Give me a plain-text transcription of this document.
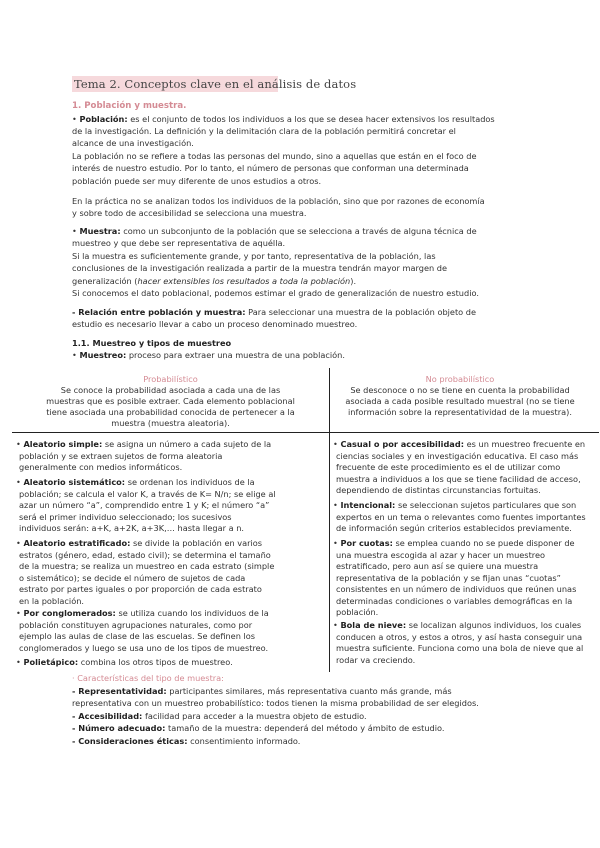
Tema 2. Conceptos clave en el análisis de datos
1. Población y muestra.
• Población: es el conjunto de todos los individuos a los que se desea hacer extensivos los resultados
de la investigación. La definición y la delimitación clara de la población permitirá concretar el
alcance de una investigación.
La población no se refiere a todas las personas del mundo, sino a aquellas que están en el foco de
interés de nuestro estudio. Por lo tanto, el número de personas que conforman una determinada
población puede ser muy diferente de unos estudios a otros.
En la práctica no se analizan todos los individuos de la población, sino que por razones de economía
y sobre todo de accesibilidad se selecciona una muestra.
• Muestra: como un subconjunto de la población que se selecciona a través de alguna técnica de
muestreo y que debe ser representativa de aquélla.
Si la muestra es suficientemente grande, y por tanto, representativa de la población, las
conclusiones de la investigación realizada a partir de la muestra tendrán mayor margen de
generalización (hacer extensibles los resultados a toda la población).
Si conocemos el dato poblacional, podemos estimar el grado de generalización de nuestro estudio.
- Relación entre población y muestra: Para seleccionar una muestra de la población objeto de
estudio es necesario llevar a cabo un proceso denominado muestreo.
1.1. Muestreo y tipos de muestreo
• Muestreo: proceso para extraer una muestra de una población.
Probabilístico
Se conoce la probabilidad asociada a cada una de las
muestras que es posible extraer. Cada elemento poblacional
tiene asociada una probabilidad conocida de pertenecer a la
muestra (muestra aleatoria).
No probabilístico
Se desconoce o no se tiene en cuenta la probabilidad
asociada a cada posible resultado muestral (no se tiene
información sobre la representatividad de la muestra).
• Aleatorio simple: se asigna un número a cada sujeto de la
población y se extraen sujetos de forma aleatoria
generalmente con medios informáticos.
• Aleatorio sistemático: se ordenan los individuos de la
población; se calcula el valor K, a través de K= N/n; se elige al
azar un número “a”, comprendido entre 1 y K; el número “a”
será el primer individuo seleccionado; los sucesivos
individuos serán: a+K, a+2K, a+3K,… hasta llegar a n.
• Aleatorio estratificado: se divide la población en varios
estratos (género, edad, estado civil); se determina el tamaño
de la muestra; se realiza un muestreo en cada estrato (simple
o sistemático); se decide el número de sujetos de cada
estrato por partes iguales o por proporción de cada estrato
en la población.
• Por conglomerados: se utiliza cuando los individuos de la
población constituyen agrupaciones naturales, como por
ejemplo las aulas de clase de las escuelas. Se definen los
conglomerados y luego se usa uno de los tipos de muestreo.
• Polietápico: combina los otros tipos de muestreo.
• Casual o por accesibilidad: es un muestreo frecuente en
ciencias sociales y en investigación educativa. El caso más
frecuente de este procedimiento es el de utilizar como
muestra a individuos a los que se tiene facilidad de acceso,
dependiendo de distintas circunstancias fortuitas.
• Intencional: se seleccionan sujetos particulares que son
expertos en un tema o relevantes como fuentes importantes
de información según criterios establecidos previamente.
• Por cuotas: se emplea cuando no se puede disponer de
una muestra escogida al azar y hacer un muestreo
estratificado, pero aun así se quiere una muestra
representativa de la población y se fijan unas “cuotas”
consistentes en un número de individuos que reúnen unas
determinadas condiciones o variables demográficas en la
población.
• Bola de nieve: se localizan algunos individuos, los cuales
conducen a otros, y estos a otros, y así hasta conseguir una
muestra suficiente. Funciona como una bola de nieve que al
rodar va creciendo.
· Características del tipo de muestra:
- Representatividad: participantes similares, más representativa cuanto más grande, más
representativa con un muestreo probabilístico: todos tienen la misma probabilidad de ser elegidos.
- Accesibilidad: facilidad para acceder a la muestra objeto de estudio.
- Número adecuado: tamaño de la muestra: dependerá del método y ámbito de estudio.
- Consideraciones éticas: consentimiento informado.
